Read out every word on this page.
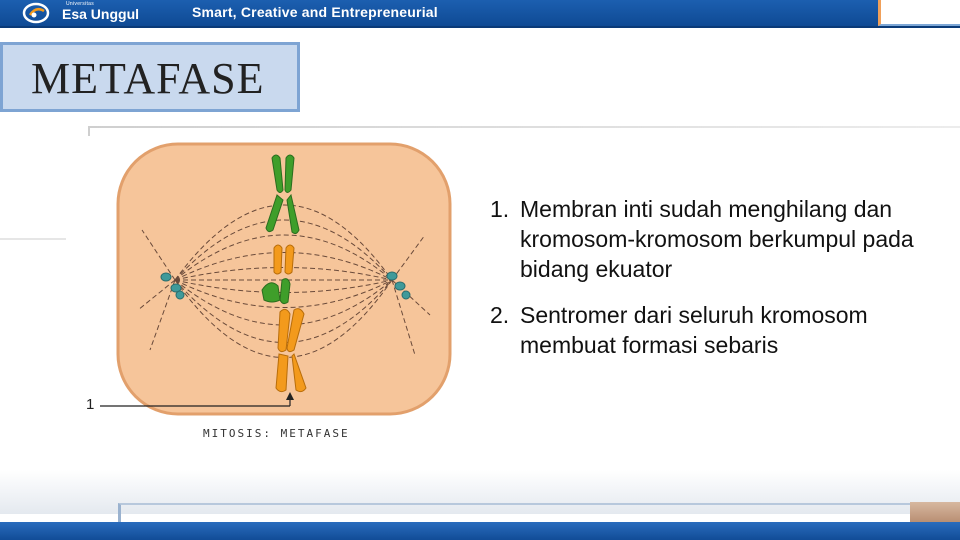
Universitas
Esa Unggul	Smart, Creative and Entrepreneurial
METAFASE
1
MITOSIS: METAFASE
1. Membran inti sudah menghilang dan kromosom-kromosom berkumpul pada bidang ekuator
2. Sentromer dari seluruh kromosom membuat formasi sebaris
